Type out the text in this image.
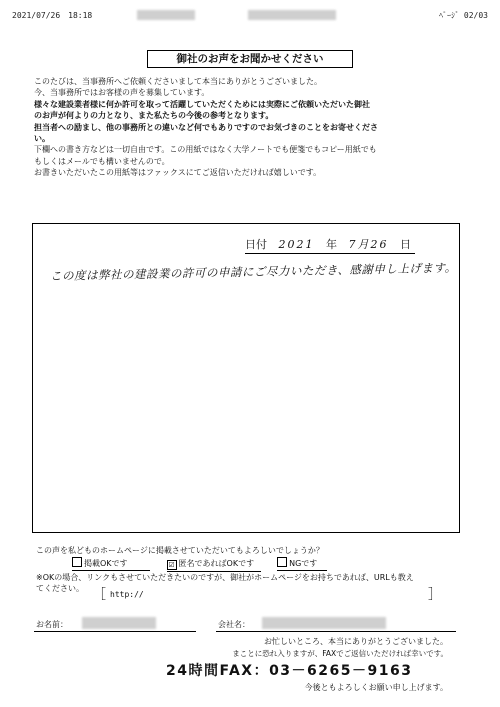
2021/07/26　18:18	ﾍﾟｰｼﾞ 02/03
御社のお声をお聞かせください

このたびは、当事務所へご依頼くださいまして本当にありがとうございました。

今、当事務所ではお客様の声を募集しています。

様々な建設業者様に何か許可を取って活躍していただくためには実際にご依頼いただいた御社

のお声が何よりの力となり、また私たちの今後の参考となります。

担当者への励まし、他の事務所との違いなど何でもありですのでお気づきのことをお寄せくださ

い。

下欄への書き方などは一切自由です。この用紙ではなく大学ノートでも便箋でもコピー用紙でも

もしくはメールでも構いませんので。

お書きいただいたこの用紙等はファックスにてご返信いただければ嬉しいです。

日付 2021 年 7月26 日
この度は弊社の建設業の許可の申請にご尽力いただき、感謝申し上げます。
この声を私どものホームページに掲載させていただいてもよろしいでしょうか？
掲載OKです	☑ 匿名であればOKです	NGです
※OKの場合、リンクもさせていただきたいのですが、御社がホームページをお持ちであれば、URLも教え
てください。 ［ http://	］
お名前：	会社名：
お忙しいところ、本当にありがとうございました。
まことに恐れ入りますが、FAXでご返信いただければ幸いです。
24時間FAX：03－6265－9163
今後ともよろしくお願い申し上げます。
